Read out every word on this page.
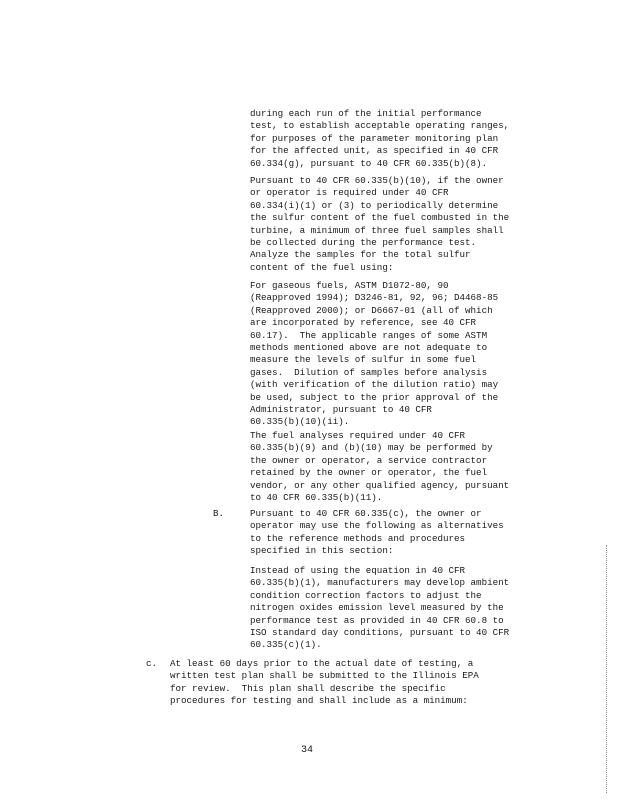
during each run of the initial performance
test, to establish acceptable operating ranges,
for purposes of the parameter monitoring plan
for the affected unit, as specified in 40 CFR
60.334(g), pursuant to 40 CFR 60.335(b)(8).
Pursuant to 40 CFR 60.335(b)(10), if the owner
or operator is required under 40 CFR
60.334(i)(1) or (3) to periodically determine
the sulfur content of the fuel combusted in the
turbine, a minimum of three fuel samples shall
be collected during the performance test.
Analyze the samples for the total sulfur
content of the fuel using:
For gaseous fuels, ASTM D1072-80, 90
(Reapproved 1994); D3246-81, 92, 96; D4468-85
(Reapproved 2000); or D6667-01 (all of which
are incorporated by reference, see 40 CFR
60.17).  The applicable ranges of some ASTM
methods mentioned above are not adequate to
measure the levels of sulfur in some fuel
gases.  Dilution of samples before analysis
(with verification of the dilution ratio) may
be used, subject to the prior approval of the
Administrator, pursuant to 40 CFR
60.335(b)(10)(ii).
The fuel analyses required under 40 CFR
60.335(b)(9) and (b)(10) may be performed by
the owner or operator, a service contractor
retained by the owner or operator, the fuel
vendor, or any other qualified agency, pursuant
to 40 CFR 60.335(b)(11).
B.	Pursuant to 40 CFR 60.335(c), the owner or
operator may use the following as alternatives
to the reference methods and procedures
specified in this section:
Instead of using the equation in 40 CFR
60.335(b)(1), manufacturers may develop ambient
condition correction factors to adjust the
nitrogen oxides emission level measured by the
performance test as provided in 40 CFR 60.8 to
ISO standard day conditions, pursuant to 40 CFR
60.335(c)(1).
c. At least 60 days prior to the actual date of testing, a
written test plan shall be submitted to the Illinois EPA
for review.  This plan shall describe the specific
procedures for testing and shall include as a minimum:
34
